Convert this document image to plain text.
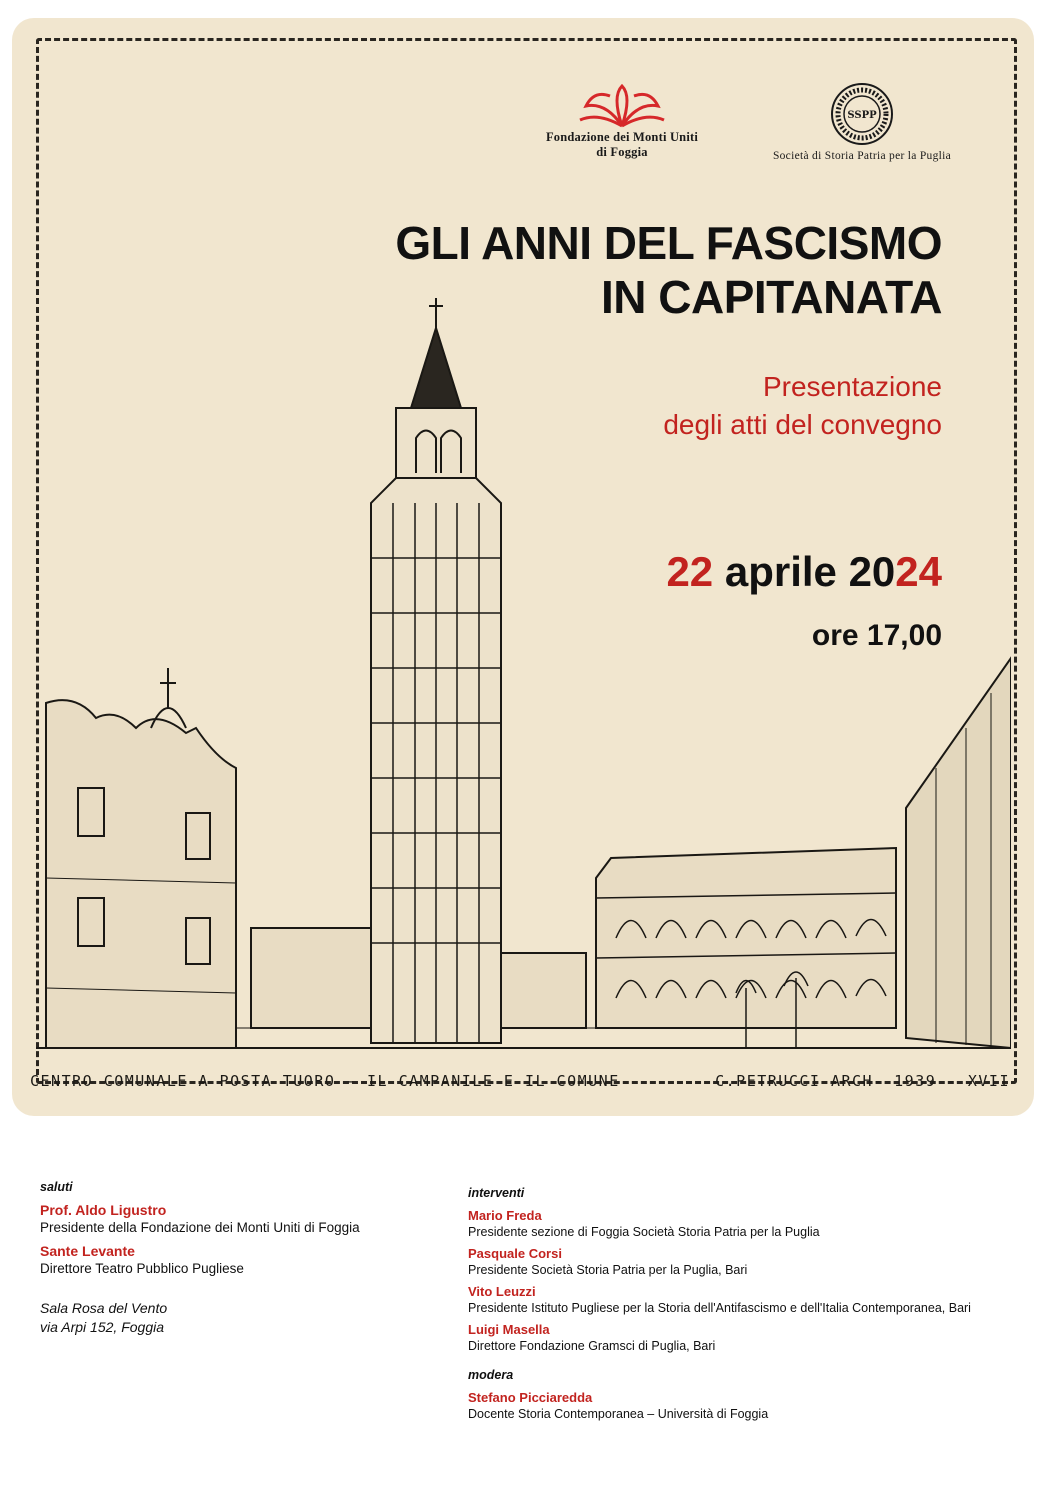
Fondazione dei Monti Uniti
di Foggia
SSPP
Società di Storia Patria per la Puglia
GLI ANNI DEL FASCISMO
IN CAPITANATA
Presentazione
degli atti del convegno
22 aprile 2024
ore 17,00
CENTRO COMUNALE A POSTA TUORO - IL CAMPANILE E IL COMUNE	C.PETRUCCI ARCH- 1939 - XVII
saluti
Prof. Aldo Ligustro
Presidente della Fondazione dei Monti Uniti di Foggia
Sante Levante
Direttore Teatro Pubblico Pugliese
Sala Rosa del Vento
via Arpi 152, Foggia
interventi
Mario Freda
Presidente sezione di Foggia Società Storia Patria per la Puglia
Pasquale Corsi
Presidente Società Storia Patria per la Puglia, Bari
Vito Leuzzi
Presidente Istituto Pugliese per la Storia dell'Antifascismo e dell'Italia Contemporanea, Bari
Luigi Masella
Direttore Fondazione Gramsci di Puglia, Bari
modera
Stefano Picciaredda
Docente Storia Contemporanea – Università di Foggia
